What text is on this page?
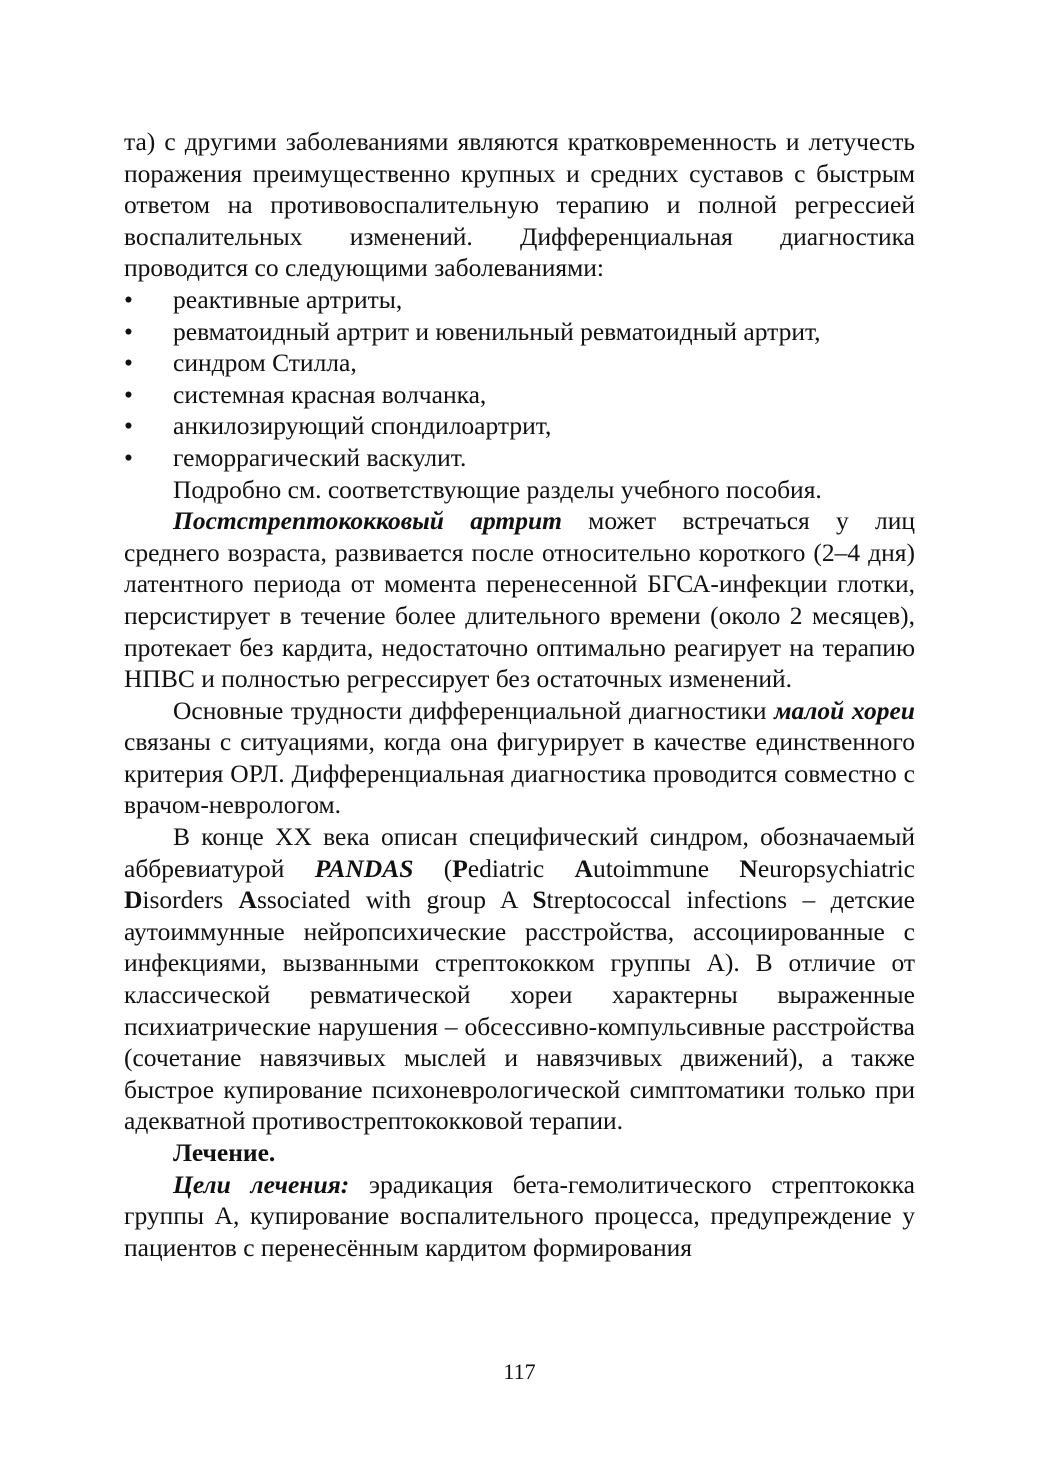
та) с другими заболеваниями являются кратковременность и летучесть поражения преимущественно крупных и средних суставов с быстрым ответом на противовоспалительную терапию и полной регрессией воспалительных изменений. Дифференциальная диагностика проводится со следующими заболеваниями:

• реактивные артриты,
• ревматоидный артрит и ювенильный ревматоидный артрит,
• синдром Стилла,
• системная красная волчанка,
• анкилозирующий спондилоартрит,
• геморрагический васкулит.

Подробно см. соответствующие разделы учебного пособия.

Постстрептококковый артрит может встречаться у лиц среднего возраста, развивается после относительно короткого (2–4 дня) латентного периода от момента перенесенной БГСА-инфекции глотки, персистирует в течение более длительного времени (около 2 месяцев), протекает без кардита, недостаточно оптимально реагирует на терапию НПВС и полностью регрессирует без остаточных изменений.

Основные трудности дифференциальной диагностики малой хореи связаны с ситуациями, когда она фигурирует в качестве единственного критерия ОРЛ. Дифференциальная диагностика проводится совместно с врачом-неврологом.

В конце XX века описан специфический синдром, обозначаемый аббревиатурой PANDAS (Pediatric Autoimmune Neuropsychiatric Disorders Associated with group A Streptococcal infections – детские аутоиммунные нейропсихические расстройства, ассоциированные с инфекциями, вызванными стрептококком группы А). В отличие от классической ревматической хореи характерны выраженные психиатрические нарушения – обсессивно-компульсивные расстройства (сочетание навязчивых мыслей и навязчивых движений), а также быстрое купирование психоневрологической симптоматики только при адекватной противострептококковой терапии.

Лечение.

Цели лечения: эрадикация бета-гемолитического стрептококка группы А, купирование воспалительного процесса, предупреждение у пациентов с перенесённым кардитом формирования

117
